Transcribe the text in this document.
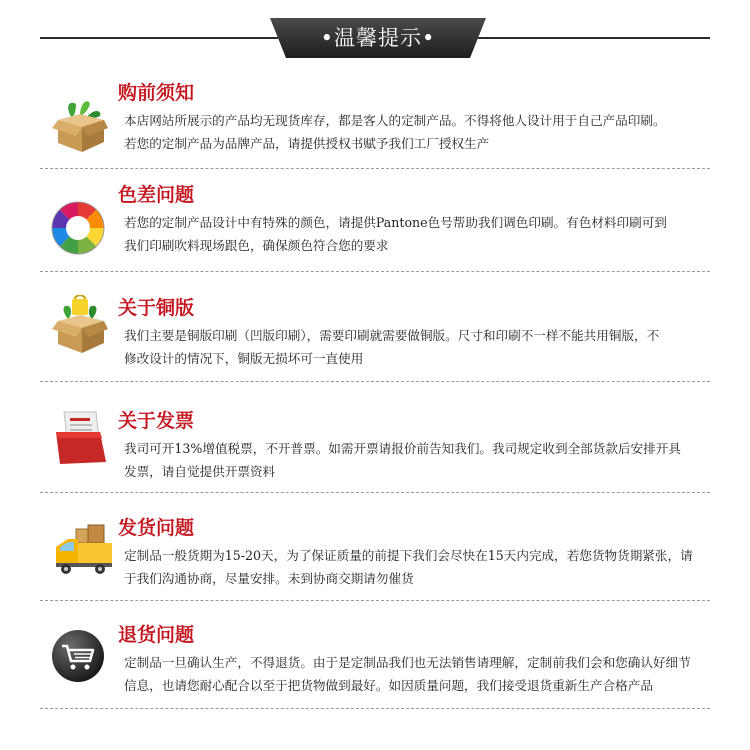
•温馨提示•
购前须知
本店网站所展示的产品均无现货库存，都是客人的定制产品。不得将他人设计用于自己产品印刷。
若您的定制产品为品牌产品，请提供授权书赋予我们工厂授权生产
色差问题
若您的定制产品设计中有特殊的颜色，请提供Pantone色号帮助我们调色印刷。有色材料印刷可到
我们印刷吹料现场跟色，确保颜色符合您的要求
关于铜版
我们主要是铜版印刷（凹版印刷），需要印刷就需要做铜版。尺寸和印刷不一样不能共用铜版，不
修改设计的情况下，铜版无损坏可一直使用
关于发票
我司可开13%增值税票，不开普票。如需开票请报价前告知我们。我司规定收到全部货款后安排开具
发票，请自觉提供开票资料
发货问题
定制品一般货期为15-20天，为了保证质量的前提下我们会尽快在15天内完成，若您货物货期紧张，请
于我们沟通协商，尽量安排。未到协商交期请勿催货
退货问题
定制品一旦确认生产，不得退货。由于是定制品我们也无法销售请理解，定制前我们会和您确认好细节
信息，也请您耐心配合以至于把货物做到最好。如因质量问题，我们接受退货重新生产合格产品
